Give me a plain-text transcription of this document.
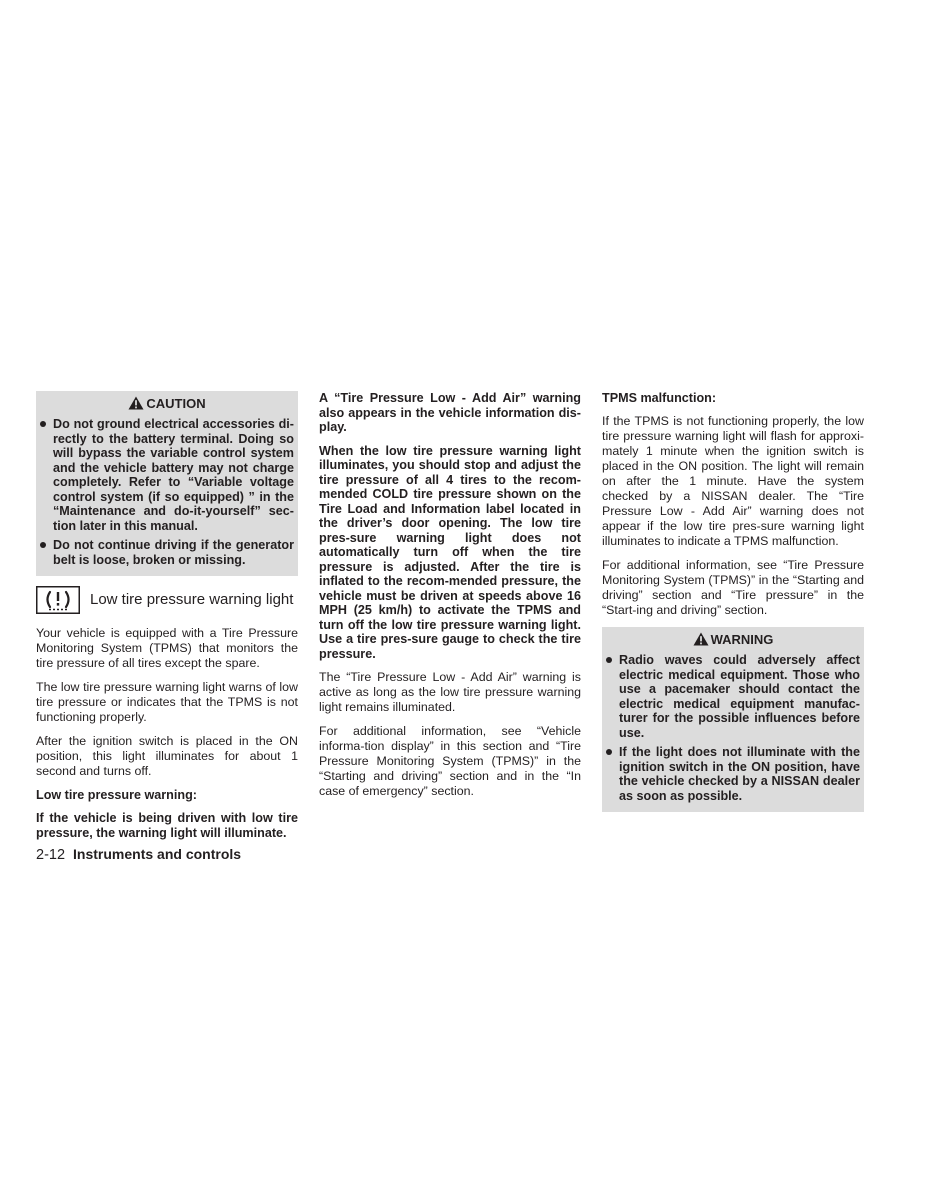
CAUTION
Do not ground electrical accessories di-rectly to the battery terminal. Doing so will bypass the variable control system and the vehicle battery may not charge completely. Refer to “Variable voltage control system (if so equipped) ” in the “Maintenance and do-it-yourself” sec-tion later in this manual.
Do not continue driving if the generator belt is loose, broken or missing.
Low tire pressure warning light

Your vehicle is equipped with a Tire Pressure Monitoring System (TPMS) that monitors the tire pressure of all tires except the spare.

The low tire pressure warning light warns of low tire pressure or indicates that the TPMS is not functioning properly.

After the ignition switch is placed in the ON position, this light illuminates for about 1 second and turns off.

Low tire pressure warning:

If the vehicle is being driven with low tire pressure, the warning light will illuminate.

A “Tire Pressure Low - Add Air” warning also appears in the vehicle information dis-play.

When the low tire pressure warning light illuminates, you should stop and adjust the tire pressure of all 4 tires to the recom-mended COLD tire pressure shown on the Tire Load and Information label located in the driver’s door opening. The low tire pres-sure warning light does not automatically turn off when the tire pressure is adjusted. After the tire is inflated to the recom-mended pressure, the vehicle must be driven at speeds above 16 MPH (25 km/h) to activate the TPMS and turn off the low tire pressure warning light. Use a tire pres-sure gauge to check the tire pressure.

The “Tire Pressure Low - Add Air” warning is active as long as the low tire pressure warning light remains illuminated.

For additional information, see “Vehicle informa-tion display” in this section and “Tire Pressure Monitoring System (TPMS)” in the “Starting and driving” section and in the “In case of emergency” section.

TPMS malfunction:

If the TPMS is not functioning properly, the low tire pressure warning light will flash for approxi-mately 1 minute when the ignition switch is placed in the ON position. The light will remain on after the 1 minute. Have the system checked by a NISSAN dealer. The “Tire Pressure Low - Add Air” warning does not appear if the low tire pres-sure warning light illuminates to indicate a TPMS malfunction.

For additional information, see “Tire Pressure Monitoring System (TPMS)” in the “Starting and driving” section and “Tire pressure” in the “Start-ing and driving” section.

WARNING
Radio waves could adversely affect electric medical equipment. Those who use a pacemaker should contact the electric medical equipment manufac-turer for the possible influences before use.
If the light does not illuminate with the ignition switch in the ON position, have the vehicle checked by a NISSAN dealer as soon as possible.
2-12 Instruments and controls
